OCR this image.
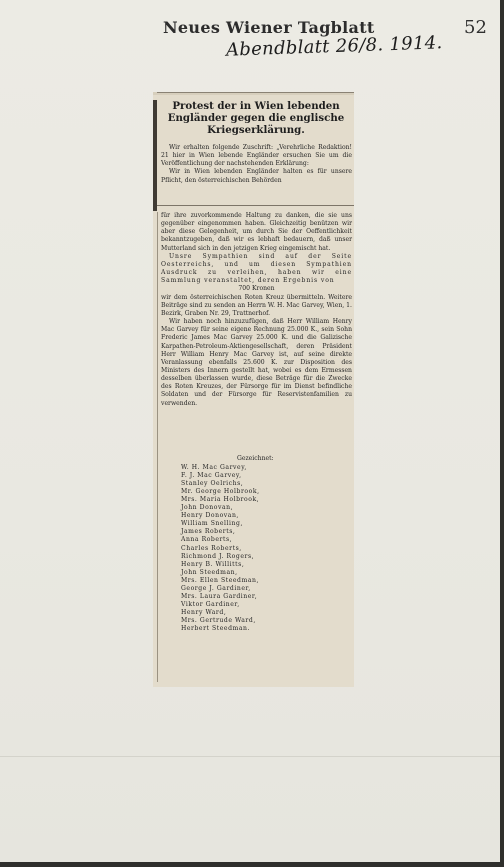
Neues Wiener Tagblatt	52
Abendblatt 26/8. 1914.
Protest der in Wien lebenden Engländer gegen die englische Kriegserklärung.

Wir erhalten folgende Zuschrift: „Verehrliche Redaktion! 21 hier in Wien lebende Engländer ersuchen Sie um die Veröffentlichung der nachstehenden Erklärung:

Wir in Wien lebenden Engländer halten es für unsere Pflicht, den österreichischen Behörden

für ihre zuvorkommende Haltung zu danken, die sie uns gegenüber eingenommen haben. Gleichzeitig benützen wir aber diese Gelegenheit, um durch Sie der Oeffentlichkeit bekanntzugeben, daß wir es lebhaft bedauern, daß unser Mutterland sich in den jetzigen Krieg eingemischt hat.

Unsre Sympathien sind auf der Seite Oesterreichs, und um diesen Sympathien Ausdruck zu verleihen, haben wir eine Sammlung veranstaltet, deren Ergebnis von

700 Kronen

wir dem österreichischen Roten Kreuz übermitteln. Weitere Beiträge sind zu senden an Herrn W. H. Mac Garvey, Wien, 1. Bezirk, Graben Nr. 29, Trattnerhof.

Wir haben noch hinzuzufügen, daß Herr William Henry Mac Garvey für seine eigene Rechnung 25.000 K., sein Sohn Frederic James Mac Garvey 25.000 K. und die Galizische Karpathen-Petroleum-Aktiengesellschaft, deren Präsident Herr William Henry Mac Garvey ist, auf seine direkte Veranlassung ebenfalls 25.600 K. zur Disposition des Ministers des Innern gestellt hat, wobei es dem Ermessen desselben überlassen wurde, diese Beträge für die Zwecke des Roten Kreuzes, der Fürsorge für im Dienst befindliche Soldaten und der Fürsorge für Reservistenfamilien zu verwenden.

Gezeichnet:
W. H. Mac Garvey,
F. J. Mac Garvey,
Stanley Oelrichs,
Mr. George Holbrook,
Mrs. Maria Holbrook,
John Donovan,
Henry Donovan,
William Snelling,
James Roberts,
Anna Roberts,
Charles Roberts,
Richmond J. Rogers,
Henry B. Willitts,
John Steedman,
Mrs. Ellen Steedman,
George J. Gardiner,
Mrs. Laura Gardiner,
Viktor Gardiner,
Henry Ward,
Mrs. Gertrude Ward,
Herbert Steedman.
